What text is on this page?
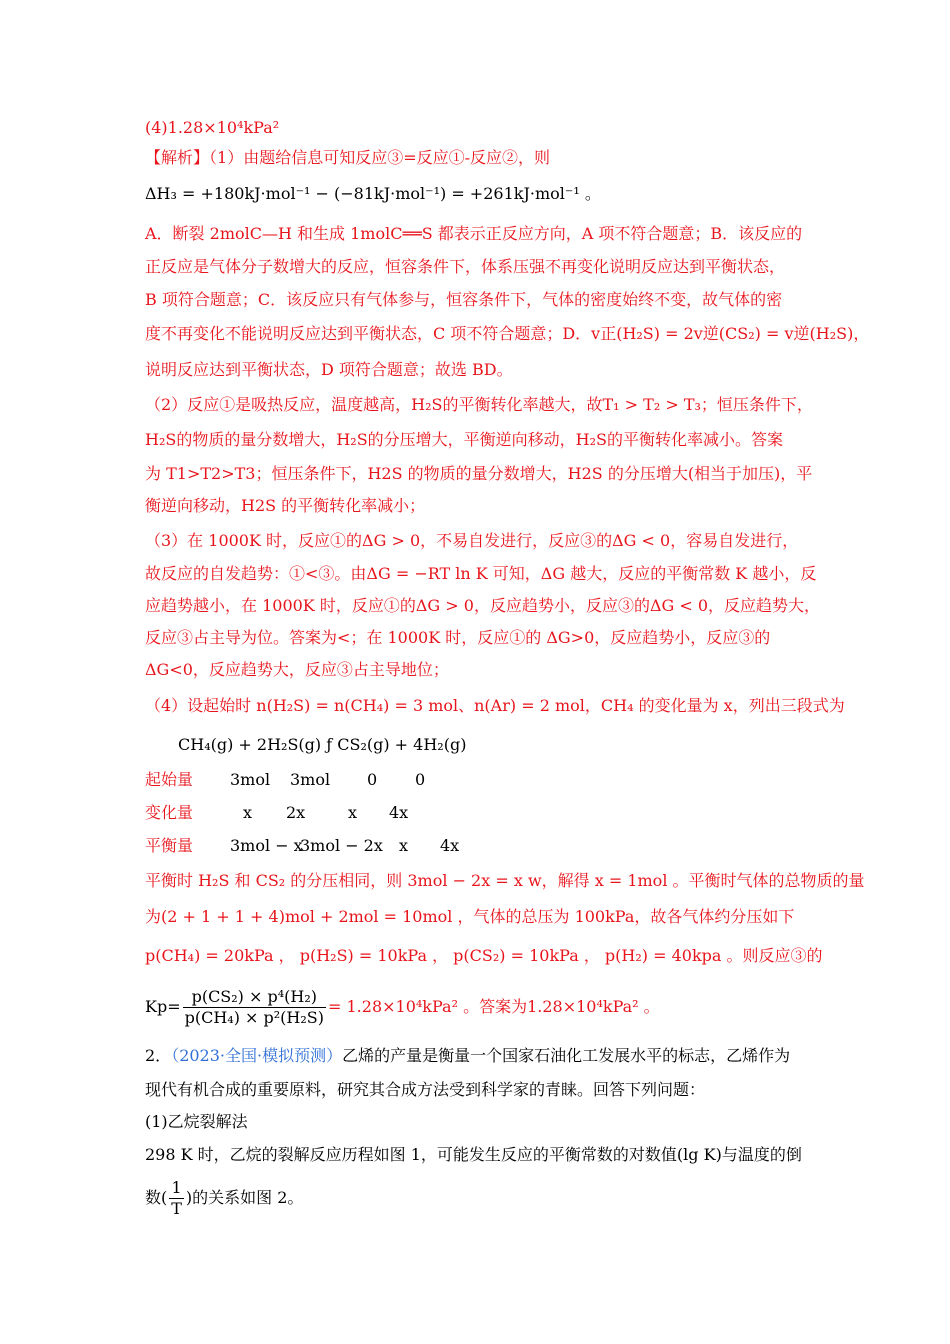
(4)1.28×10⁴kPa²
【解析】（1）由题给信息可知反应③=反应①-反应②，则
ΔH₃ = +180kJ·mol⁻¹ − (−81kJ·mol⁻¹) = +261kJ·mol⁻¹ 。
A．断裂 2molC—H 和生成 1molC══S 都表示正反应方向，A 项不符合题意；B．该反应的
正反应是气体分子数增大的反应，恒容条件下，体系压强不再变化说明反应达到平衡状态，
B 项符合题意；C．该反应只有气体参与，恒容条件下，气体的密度始终不变，故气体的密
度不再变化不能说明反应达到平衡状态，C 项不符合题意；D．v正(H₂S) = 2v逆(CS₂) = v逆(H₂S)，
说明反应达到平衡状态，D 项符合题意；故选 BD。
（2）反应①是吸热反应，温度越高，H₂S的平衡转化率越大，故T₁ > T₂ > T₃；恒压条件下，
H₂S的物质的量分数增大，H₂S的分压增大，平衡逆向移动，H₂S的平衡转化率减小。答案
为 T1>T2>T3；恒压条件下，H2S 的物质的量分数增大，H2S 的分压增大(相当于加压)，平
衡逆向移动，H2S 的平衡转化率减小；
（3）在 1000K 时，反应①的ΔG > 0，不易自发进行，反应③的ΔG < 0，容易自发进行，
故反应的自发趋势：①<③。由ΔG = −RT ln K 可知，ΔG 越大，反应的平衡常数 K 越小，反
应趋势越小，在 1000K 时，反应①的ΔG > 0，反应趋势小，反应③的ΔG < 0，反应趋势大，
反应③占主导为位。答案为<；在 1000K 时，反应①的 ΔG>0，反应趋势小，反应③的
ΔG<0，反应趋势大，反应③占主导地位；
（4）设起始时 n(H₂S) = n(CH₄) = 3 mol、n(Ar) = 2 mol，CH₄ 的变化量为 x，列出三段式为
CH₄(g) + 2H₂S(g) ƒ CS₂(g) + 4H₂(g)
起始量 3mol 3mol 0 0
变化量	x 2x	x 4x
平衡量 3mol − x
3mol − 2x x 4x
平衡时 H₂S 和 CS₂ 的分压相同，则 3mol − 2x = x w，解得 x = 1mol 。平衡时气体的总物质的量
为(2 + 1 + 1 + 4)mol + 2mol = 10mol ，气体的总压为 100kPa，故各气体约分压如下
p(CH₄) = 20kPa ， p(H₂S) = 10kPa ， p(CS₂) = 10kPa ， p(H₂) = 40kpa 。则反应③的
$Kp= \frac{\text{p(CS₂) × p⁴(H₂)}}{\text{p(CH₄) × p²(H₂S)}} = 1.28\times 10^4kPa^2$ 。答案为1.28×10⁴kPa² 。
2．（2023·全国·模拟预测）乙烯的产量是衡量一个国家石油化工发展水平的标志，乙烯作为
现代有机合成的重要原料，研究其合成方法受到科学家的青睐。回答下列问题：
(1)乙烷裂解法
298 K 时，乙烷的裂解反应历程如图 1，可能发生反应的平衡常数的对数值(lg K)与温度的倒
数( $\frac{1}{T}$ )的关系如图 2。
